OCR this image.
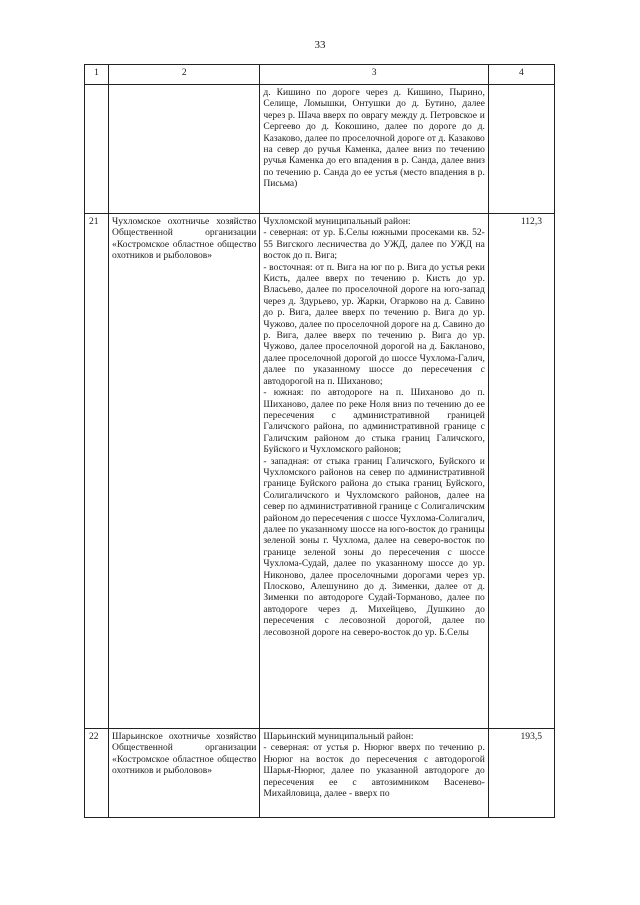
33
1	2	3	4
		д. Кишино по дороге через д. Кишино, Пырино, Селище, Ломышки, Онтушки до д. Бутино, далее через р. Шача вверх по оврагу между д. Петровское и Сергеево до д. Кокошино, далее по дороге до д. Казаково, далее по проселочной дороге от д. Казаково на север до ручья Каменка, далее вниз по течению ручья Каменка до его впадения в р. Санда, далее вниз по течению р. Санда до ее устья (место впадения в р. Письма)	
21	Чухломское охотничье хозяйство Общественной организации «Костромское областное общество охотников и рыболовов»	Чухломской муниципальный район:

- северная: от ур. Б.Селы южными просеками кв. 52-55 Вигского лесничества до УЖД, далее по УЖД на восток до п. Вига;

- восточная: от п. Вига на юг по р. Вига до устья реки Кисть, далее вверх по течению р. Кисть до ур. Власьево, далее по проселочной дороге на юго-запад через д. Здурьево, ур. Жарки, Огарково на д. Савино до р. Вига, далее вверх по течению р. Вига до ур. Чужово, далее по проселочной дороге на д. Савино до р. Вига, далее вверх по течению р. Вига до ур. Чужово, далее проселочной дорогой на д. Бакланово, далее проселочной дорогой до шоссе Чухлома-Галич, далее по указанному шоссе до пересечения с автодорогой на п. Шиханово;

- южная: по автодороге на п. Шиханово до п. Шиханово, далее по реке Ноля вниз по течению до ее пересечения с административной границей Галичского района, по административной границе с Галичским районом до стыка границ Галичского, Буйского и Чухломского районов;

- западная: от стыка границ Галичского, Буйского и Чухломского районов на север по административной границе Буйского района до стыка границ Буйского, Солигаличского и Чухломского районов, далее на север по административной границе с Солигаличским районом до пересечения с шоссе Чухлома-Солигалич, далее по указанному шоссе на юго-восток до границы зеленой зоны г. Чухлома, далее на северо-восток по границе зеленой зоны до пересечения с шоссе Чухлома-Судай, далее по указанному шоссе до ур. Никоново, далее проселочными дорогами через ур. Плосково, Алешунино до д. Зименки, далее от д. Зименки по автодороге Судай-Торманово, далее по автодороге через д. Михейцево, Душкино до пересечения с лесовозной дорогой, далее по лесовозной дороге на северо-восток до ур. Б.Селы	112,3
22	Шарьинское охотничье хозяйство Общественной организации «Костромское областное общество охотников и рыболовов»	Шарьинский муниципальный район:

- северная: от устья р. Нюрюг вверх по течению р. Нюрюг на восток до пересечения с автодорогой Шарья-Нюрюг, далее по указанной автодороге до пересечения ее с автозимником Васенево-Михайловица, далее - вверх по	193,5
